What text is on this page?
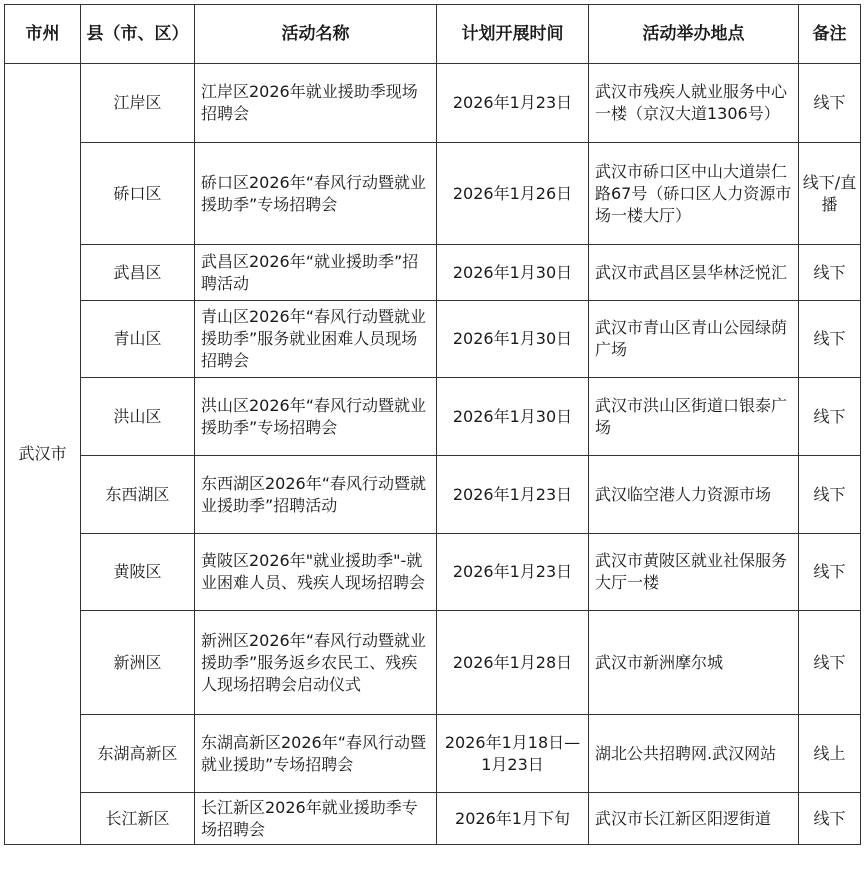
市州	县（市、区）	活动名称	计划开展时间	活动举办地点	备注
武汉市	江岸区	江岸区2026年就业援助季现场招聘会	2026年1月23日	武汉市残疾人就业服务中心一楼（京汉大道1306号）	线下
	硚口区	硚口区2026年“春风行动暨就业援助季”专场招聘会	2026年1月26日	武汉市硚口区中山大道崇仁路67号（硚口区人力资源市场一楼大厅）	线下/直播
	武昌区	武昌区2026年“就业援助季”招聘活动	2026年1月30日	武汉市武昌区昙华林泛悦汇	线下
	青山区	青山区2026年“春风行动暨就业援助季”服务就业困难人员现场招聘会	2026年1月30日	武汉市青山区青山公园绿荫广场	线下
	洪山区	洪山区2026年“春风行动暨就业援助季”专场招聘会	2026年1月30日	武汉市洪山区街道口银泰广场	线下
	东西湖区	东西湖区2026年“春风行动暨就业援助季”招聘活动	2026年1月23日	武汉临空港人力资源市场	线下
	黄陂区	黄陂区2026年"就业援助季"-就业困难人员、残疾人现场招聘会	2026年1月23日	武汉市黄陂区就业社保服务大厅一楼	线下
	新洲区	新洲区2026年“春风行动暨就业援助季”服务返乡农民工、残疾人现场招聘会启动仪式	2026年1月28日	武汉市新洲摩尔城	线下
	东湖高新区	东湖高新区2026年“春风行动暨就业援助”专场招聘会	2026年1月18日—1月23日	湖北公共招聘网.武汉网站	线上
	长江新区	长江新区2026年就业援助季专场招聘会	2026年1月下旬	武汉市长江新区阳逻街道	线下
